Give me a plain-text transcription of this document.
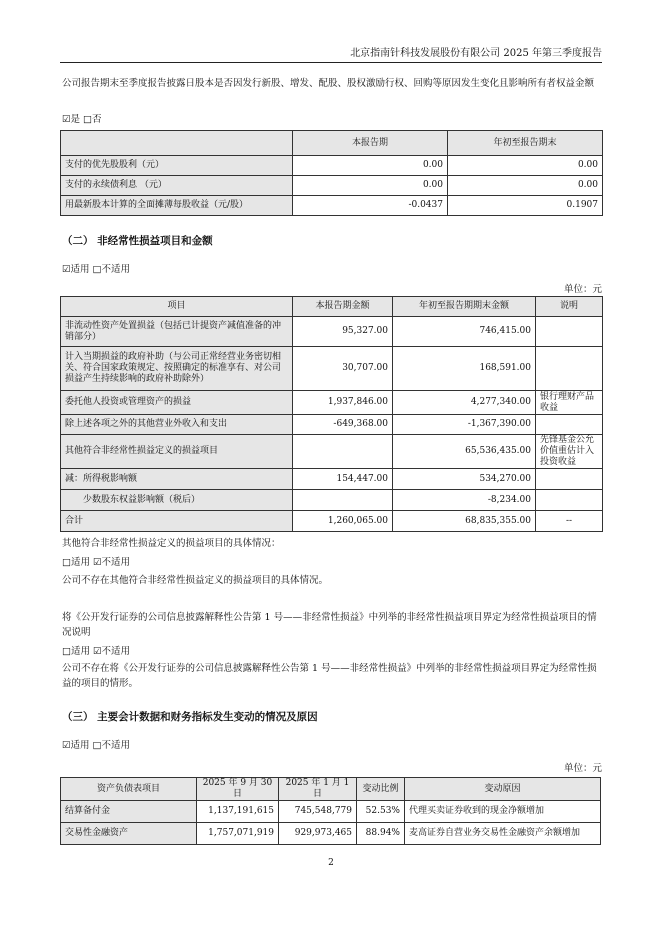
北京指南针科技发展股份有限公司 2025 年第三季度报告
公司报告期末至季度报告披露日股本是否因发行新股、增发、配股、股权激励行权、回购等原因发生变化且影响所有者权益金额
☑是 □否
	本报告期	年初至报告期末
支付的优先股股利（元）	0.00	0.00
支付的永续债利息 （元）	0.00	0.00
用最新股本计算的全面摊薄每股收益（元/股）	-0.0437	0.1907
（二） 非经常性损益项目和金额
☑适用 □不适用
单位：元
项目	本报告期金额	年初至报告期期末金额	说明
非流动性资产处置损益（包括已计提资产减值准备的冲销部分）	95,327.00	746,415.00	
计入当期损益的政府补助（与公司正常经营业务密切相关、符合国家政策规定、按照确定的标准享有、对公司损益产生持续影响的政府补助除外）	30,707.00	168,591.00	
委托他人投资或管理资产的损益	1,937,846.00	4,277,340.00	银行理财产品收益
除上述各项之外的其他营业外收入和支出	-649,368.00	-1,367,390.00	
其他符合非经常性损益定义的损益项目		65,536,435.00	先锋基金公允价值重估计入投资收益
减：所得税影响额	154,447.00	534,270.00	
　　少数股东权益影响额（税后）		-8,234.00	
合计	1,260,065.00	68,835,355.00	--
其他符合非经常性损益定义的损益项目的具体情况：
□适用 ☑不适用
公司不存在其他符合非经常性损益定义的损益项目的具体情况。
将《公开发行证券的公司信息披露解释性公告第 1 号——非经常性损益》中列举的非经常性损益项目界定为经常性损益项目的情况说明
□适用 ☑不适用
公司不存在将《公开发行证券的公司信息披露解释性公告第 1 号——非经常性损益》中列举的非经常性损益项目界定为经常性损益的项目的情形。
（三） 主要会计数据和财务指标发生变动的情况及原因
☑适用 □不适用
单位：元
资产负债表项目	2025 年 9 月 30 日	2025 年 1 月 1 日	变动比例	变动原因
结算备付金	1,137,191,615	745,548,779	52.53%	代理买卖证券收到的现金净额增加
交易性金融资产	1,757,071,919	929,973,465	88.94%	麦高证券自营业务交易性金融资产余额增加
2
